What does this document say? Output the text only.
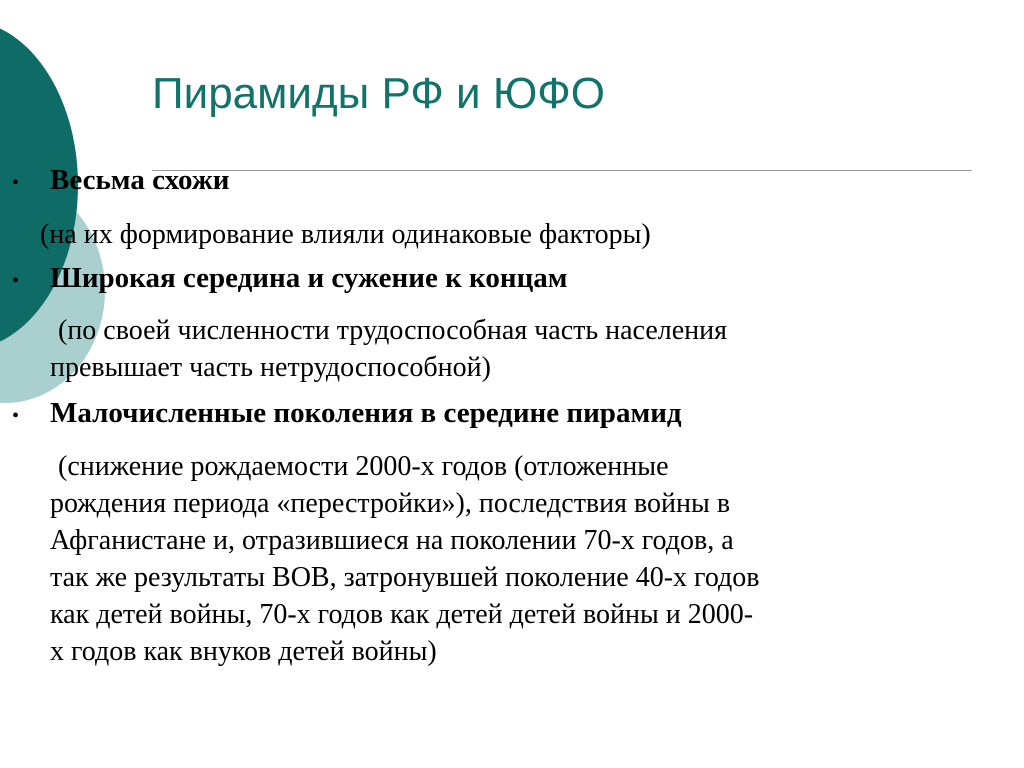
Пирамиды РФ и ЮФО
• Весьма схожи

(на их формирование влияли одинаковые факторы)

• Широкая середина и сужение к концам

(по своей численности трудоспособная часть населения
превышает часть нетрудоспособной)

• Малочисленные поколения в середине пирамид

(снижение рождаемости 2000-х годов (отложенные
рождения периода «перестройки»), последствия войны в
Афганистане и, отразившиеся на поколении 70-х годов, а
так же результаты ВОВ, затронувшей поколение 40-х годов
как детей войны, 70-х годов как детей детей войны и 2000-
х годов как внуков детей войны)
